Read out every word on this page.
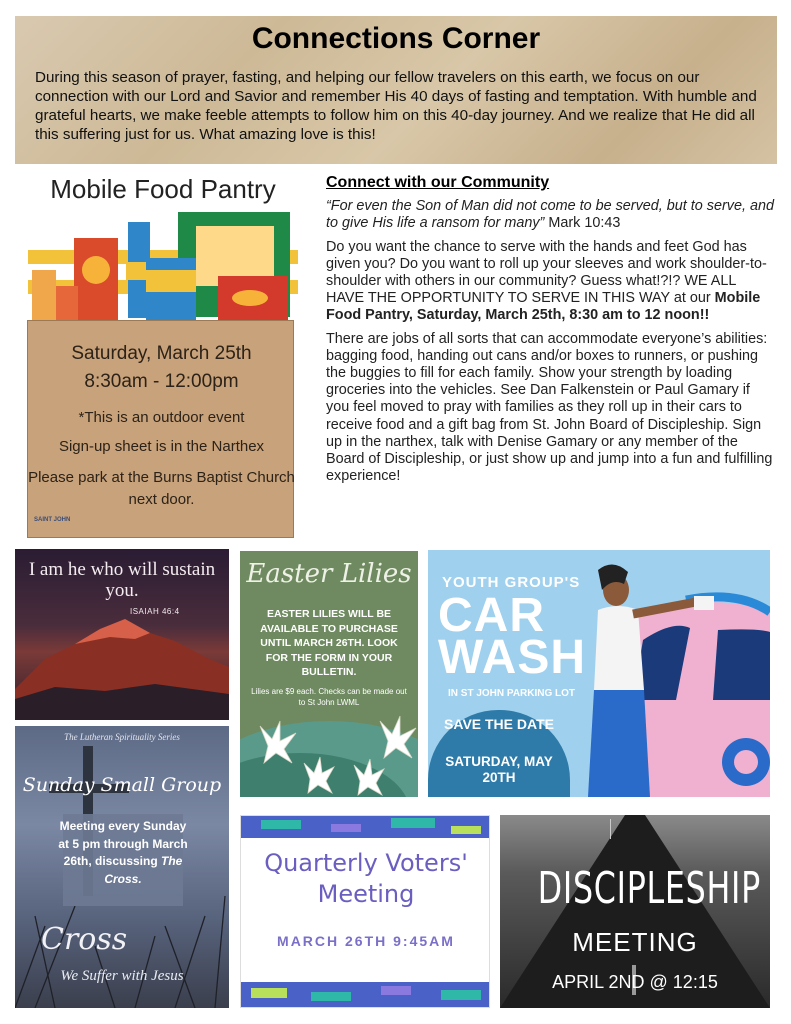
Connections Corner
During this season of prayer, fasting, and helping our fellow travelers on this earth, we focus on our connection with our Lord and Savior and remember His 40 days of fasting and temptation. With humble and grateful hearts, we make feeble attempts to follow him on this 40-day journey. And we realize that He did all this suffering just for us. What amazing love is this!
Mobile Food Pantry
Saturday, March 25th
8:30am - 12:00pm
*This is an outdoor event
Sign-up sheet is in the Narthex
Please park at the Burns Baptist Church next door.
SAINT JOHN
Connect with our Community
“For even the Son of Man did not come to be served, but to serve, and to give His life a ransom for many” Mark 10:43
Do you want the chance to serve with the hands and feet God has given you? Do you want to roll up your sleeves and work shoulder-to-shoulder with others in our community? Guess what!?!? WE ALL HAVE THE OPPORTUNITY TO SERVE IN THIS WAY at our Mobile Food Pantry, Saturday, March 25th, 8:30 am to 12 noon!!
There are jobs of all sorts that can accommodate everyone’s abilities: bagging food, handing out cans and/or boxes to runners, or pushing the buggies to fill for each family. Show your strength by loading groceries into the vehicles. See Dan Falkenstein or Paul Gamary if you feel moved to pray with families as they roll up in their cars to receive food and a gift bag from St. John Board of Discipleship. Sign up in the narthex, talk with Denise Gamary or any member of the Board of Discipleship, or just show up and jump into a fun and fulfilling experience!
I am he who will sustain you.
ISAIAH 46:4
Easter Lilies
EASTER LILIES WILL BE AVAILABLE TO PURCHASE UNTIL MARCH 26TH. LOOK FOR THE FORM IN YOUR BULLETIN.
Lilies are $9 each. Checks can be made out to St John LWML
YOUTH GROUP'S
CAR
WASH
IN ST JOHN PARKING LOT
SAVE THE DATE
SATURDAY, MAY 20TH
The Lutheran Spirituality Series
Sunday Small Group
Meeting every Sunday at 5 pm through March 26th, discussing The Cross.
Cross
We Suffer with Jesus
Quarterly Voters' Meeting
MARCH 26TH 9:45AM
DISCIPLESHIP
MEETING
APRIL 2ND @ 12:15
